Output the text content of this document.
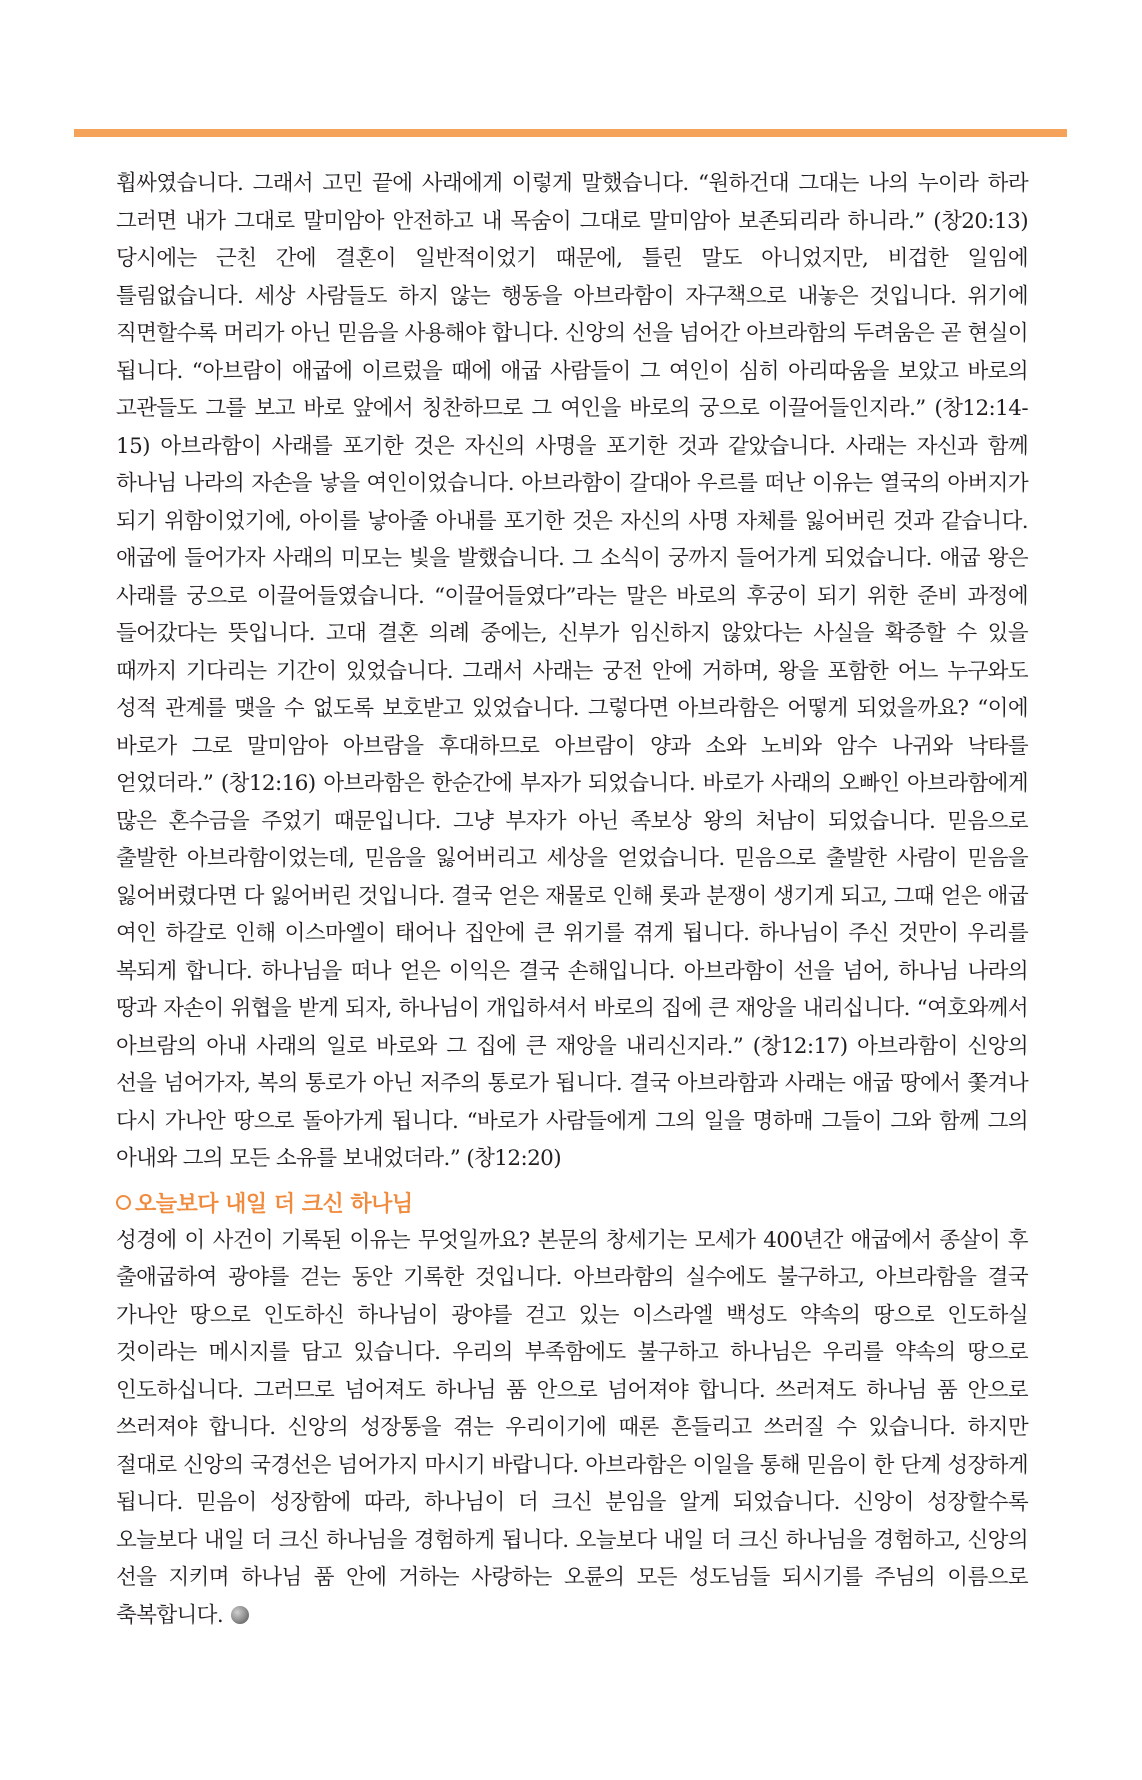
휩싸였습니다. 그래서 고민 끝에 사래에게 이렇게 말했습니다. “원하건대 그대는 나의 누이라 하라 그러면 내가 그대로 말미암아 안전하고 내 목숨이 그대로 말미암아 보존되리라 하니라.” (창20:13) 당시에는 근친 간에 결혼이 일반적이었기 때문에, 틀린 말도 아니었지만, 비겁한 일임에 틀림없습니다. 세상 사람들도 하지 않는 행동을 아브라함이 자구책으로 내놓은 것입니다. 위기에 직면할수록 머리가 아닌 믿음을 사용해야 합니다. 신앙의 선을 넘어간 아브라함의 두려움은 곧 현실이 됩니다. “아브람이 애굽에 이르렀을 때에 애굽 사람들이 그 여인이 심히 아리따움을 보았고 바로의 고관들도 그를 보고 바로 앞에서 칭찬하므로 그 여인을 바로의 궁으로 이끌어들인지라.” (창12:14-15) 아브라함이 사래를 포기한 것은 자신의 사명을 포기한 것과 같았습니다. 사래는 자신과 함께 하나님 나라의 자손을 낳을 여인이었습니다. 아브라함이 갈대아 우르를 떠난 이유는 열국의 아버지가 되기 위함이었기에, 아이를 낳아줄 아내를 포기한 것은 자신의 사명 자체를 잃어버린 것과 같습니다. 애굽에 들어가자 사래의 미모는 빛을 발했습니다. 그 소식이 궁까지 들어가게 되었습니다. 애굽 왕은 사래를 궁으로 이끌어들였습니다. “이끌어들였다”라는 말은 바로의 후궁이 되기 위한 준비 과정에 들어갔다는 뜻입니다. 고대 결혼 의례 중에는, 신부가 임신하지 않았다는 사실을 확증할 수 있을 때까지 기다리는 기간이 있었습니다. 그래서 사래는 궁전 안에 거하며, 왕을 포함한 어느 누구와도 성적 관계를 맺을 수 없도록 보호받고 있었습니다. 그렇다면 아브라함은 어떻게 되었을까요? “이에 바로가 그로 말미암아 아브람을 후대하므로 아브람이 양과 소와 노비와 암수 나귀와 낙타를 얻었더라.” (창12:16) 아브라함은 한순간에 부자가 되었습니다. 바로가 사래의 오빠인 아브라함에게 많은 혼수금을 주었기 때문입니다. 그냥 부자가 아닌 족보상 왕의 처남이 되었습니다. 믿음으로 출발한 아브라함이었는데, 믿음을 잃어버리고 세상을 얻었습니다. 믿음으로 출발한 사람이 믿음을 잃어버렸다면 다 잃어버린 것입니다. 결국 얻은 재물로 인해 롯과 분쟁이 생기게 되고, 그때 얻은 애굽 여인 하갈로 인해 이스마엘이 태어나 집안에 큰 위기를 겪게 됩니다. 하나님이 주신 것만이 우리를 복되게 합니다. 하나님을 떠나 얻은 이익은 결국 손해입니다. 아브라함이 선을 넘어, 하나님 나라의 땅과 자손이 위협을 받게 되자, 하나님이 개입하셔서 바로의 집에 큰 재앙을 내리십니다. “여호와께서 아브람의 아내 사래의 일로 바로와 그 집에 큰 재앙을 내리신지라.” (창12:17) 아브라함이 신앙의 선을 넘어가자, 복의 통로가 아닌 저주의 통로가 됩니다. 결국 아브라함과 사래는 애굽 땅에서 쫓겨나 다시 가나안 땅으로 돌아가게 됩니다. “바로가 사람들에게 그의 일을 명하매 그들이 그와 함께 그의 아내와 그의 모든 소유를 보내었더라.” (창12:20)

오늘보다 내일 더 크신 하나님

성경에 이 사건이 기록된 이유는 무엇일까요? 본문의 창세기는 모세가 400년간 애굽에서 종살이 후 출애굽하여 광야를 걷는 동안 기록한 것입니다. 아브라함의 실수에도 불구하고, 아브라함을 결국 가나안 땅으로 인도하신 하나님이 광야를 걷고 있는 이스라엘 백성도 약속의 땅으로 인도하실 것이라는 메시지를 담고 있습니다. 우리의 부족함에도 불구하고 하나님은 우리를 약속의 땅으로 인도하십니다. 그러므로 넘어져도 하나님 품 안으로 넘어져야 합니다. 쓰러져도 하나님 품 안으로 쓰러져야 합니다. 신앙의 성장통을 겪는 우리이기에 때론 흔들리고 쓰러질 수 있습니다. 하지만 절대로 신앙의 국경선은 넘어가지 마시기 바랍니다. 아브라함은 이일을 통해 믿음이 한 단계 성장하게 됩니다. 믿음이 성장함에 따라, 하나님이 더 크신 분임을 알게 되었습니다. 신앙이 성장할수록 오늘보다 내일 더 크신 하나님을 경험하게 됩니다. 오늘보다 내일 더 크신 하나님을 경험하고, 신앙의 선을 지키며 하나님 품 안에 거하는 사랑하는 오륜의 모든 성도님들 되시기를 주님의 이름으로 축복합니다.
